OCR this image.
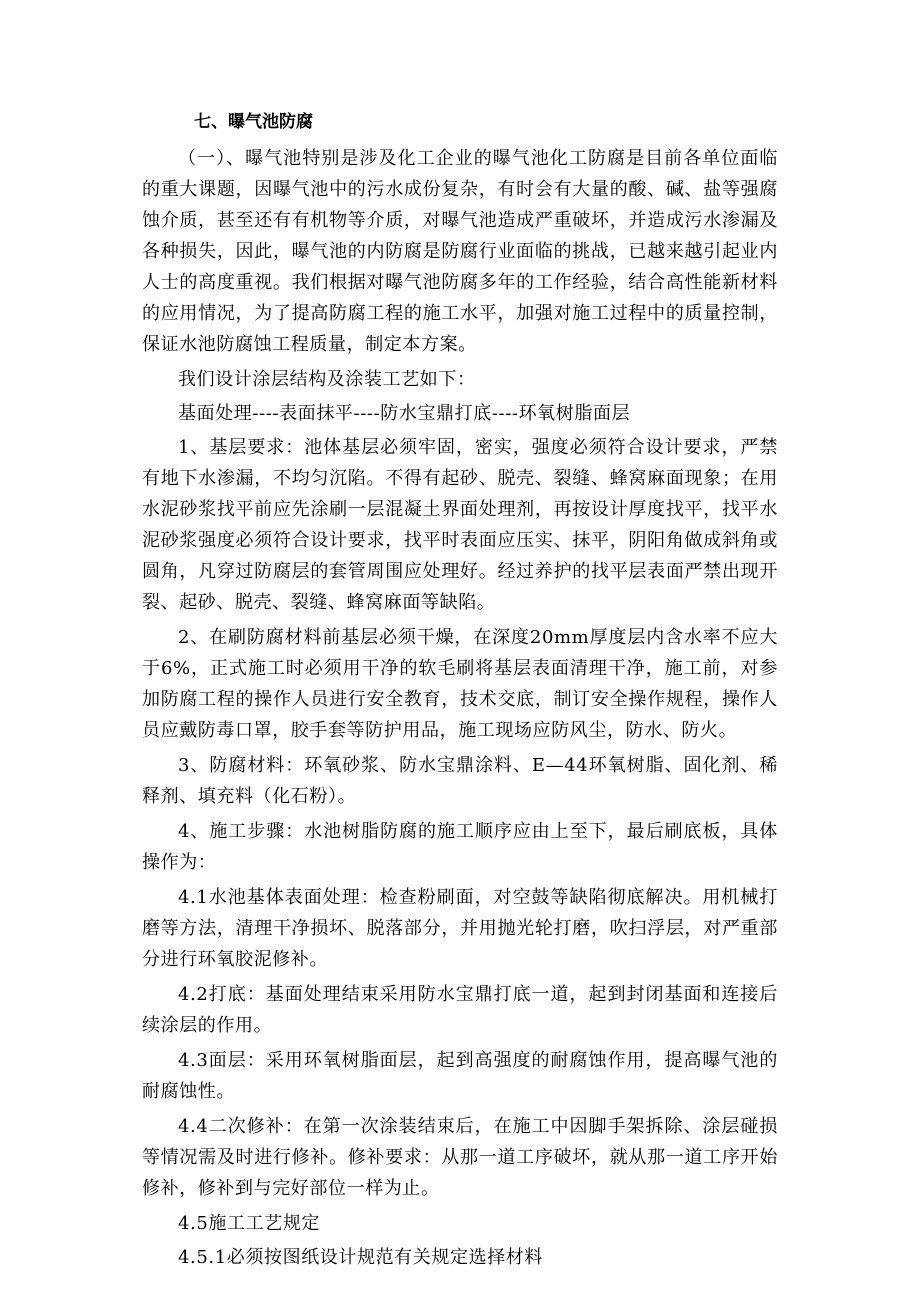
七、曝气池防腐

（一）、曝气池特别是涉及化工企业的曝气池化工防腐是目前各单位面临的重大课题，因曝气池中的污水成份复杂，有时会有大量的酸、碱、盐等强腐蚀介质，甚至还有有机物等介质，对曝气池造成严重破坏，并造成污水渗漏及各种损失，因此，曝气池的内防腐是防腐行业面临的挑战，已越来越引起业内人士的高度重视。我们根据对曝气池防腐多年的工作经验，结合高性能新材料的应用情况，为了提高防腐工程的施工水平，加强对施工过程中的质量控制，保证水池防腐蚀工程质量，制定本方案。

我们设计涂层结构及涂装工艺如下：

基面处理----表面抹平----防水宝鼎打底----环氧树脂面层

1、基层要求：池体基层必须牢固，密实，强度必须符合设计要求，严禁有地下水渗漏，不均匀沉陷。不得有起砂、脱壳、裂缝、蜂窝麻面现象；在用水泥砂浆找平前应先涂刷一层混凝土界面处理剂，再按设计厚度找平，找平水泥砂浆强度必须符合设计要求，找平时表面应压实、抹平，阴阳角做成斜角或圆角，凡穿过防腐层的套管周围应处理好。经过养护的找平层表面严禁出现开裂、起砂、脱壳、裂缝、蜂窝麻面等缺陷。

2、在刷防腐材料前基层必须干燥，在深度20mm厚度层内含水率不应大于6%，正式施工时必须用干净的软毛刷将基层表面清理干净，施工前，对参加防腐工程的操作人员进行安全教育，技术交底，制订安全操作规程，操作人员应戴防毒口罩，胶手套等防护用品，施工现场应防风尘，防水、防火。

3、防腐材料：环氧砂浆、防水宝鼎涂料、E—44环氧树脂、固化剂、稀释剂、填充料（化石粉）。

4、施工步骤：水池树脂防腐的施工顺序应由上至下，最后刷底板，具体操作为：

4.1水池基体表面处理：检查粉刷面，对空鼓等缺陷彻底解决。用机械打磨等方法，清理干净损坏、脱落部分，并用抛光轮打磨，吹扫浮层，对严重部分进行环氧胶泥修补。

4.2打底：基面处理结束采用防水宝鼎打底一道，起到封闭基面和连接后续涂层的作用。

4.3面层：采用环氧树脂面层，起到高强度的耐腐蚀作用，提高曝气池的耐腐蚀性。

4.4二次修补：在第一次涂装结束后，在施工中因脚手架拆除、涂层碰损等情况需及时进行修补。修补要求：从那一道工序破坏，就从那一道工序开始修补，修补到与完好部位一样为止。

4.5施工工艺规定

4.5.1必须按图纸设计规范有关规定选择材料
